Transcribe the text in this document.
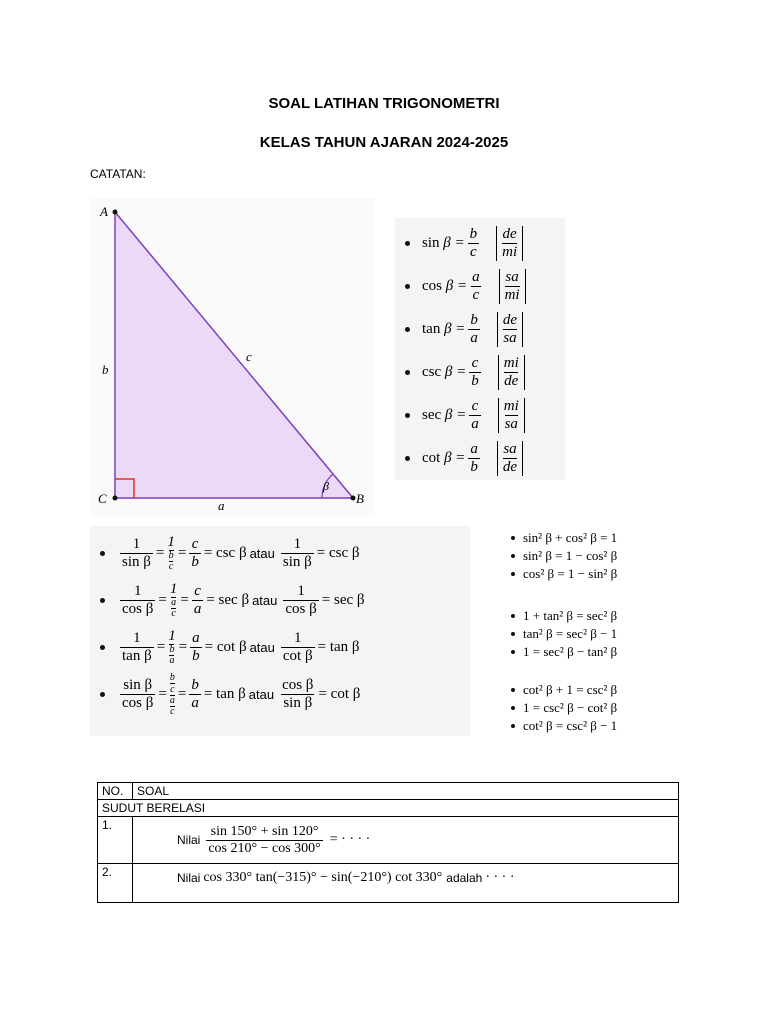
SOAL LATIHAN TRIGONOMETRI
KELAS TAHUN AJARAN 2024-2025
CATATAN:
A
C	B
a
b
c
β
$\sin \beta = \frac{b}{c}$ de
mi
$\cos \beta = \frac{a}{c}$ sa
mi
$\tan \beta = \frac{b}{a}$ de
sa
$\csc \beta = \frac{c}{b}$ mi
de
$\sec \beta = \frac{c}{a}$ mi
sa
$\cot \beta = \frac{a}{b}$ sa
de
$\frac{1}{\text{sin β}} = \frac{1}{\frac{b}{c}} = \frac{c}{b} = \csc \beta$ atau $\frac{1}{\text{sin β}} = \csc \beta$
$\frac{1}{\text{cos β}} = \frac{1}{\frac{a}{c}} = \frac{c}{a} = \sec \beta$ atau $\frac{1}{\text{cos β}} = \sec \beta$
$\frac{1}{\text{tan β}} = \frac{1}{\frac{b}{a}} = \frac{a}{b} = \cot \beta$ atau $\frac{1}{\text{cot β}} = \tan \beta$
$\frac{\text{sin β}}{\text{cos β}} = \frac{\frac{b}{c}}{\frac{a}{c}} = \frac{b}{a} = \tan \beta$ atau $\frac{\text{cos β}}{\text{sin β}} = \cot \beta$
sin² β + cos² β = 1
sin² β = 1 − cos² β
cos² β = 1 − sin² β
1 + tan² β = sec² β
tan² β = sec² β − 1
1 = sec² β − tan² β
cot² β + 1 = csc² β
1 = csc² β − cot² β
cot² β = csc² β − 1
NO.	SOAL
SUDUT BERELASI	
1.	Nilai $\frac{\sin 150^\circ + \sin 120^\circ}{\cos 210^\circ - \cos 300^\circ}$ = · · · ·

2.	Nilai cos 330° tan(−315)° − sin(−210°) cot 330° adalah · · · ·
